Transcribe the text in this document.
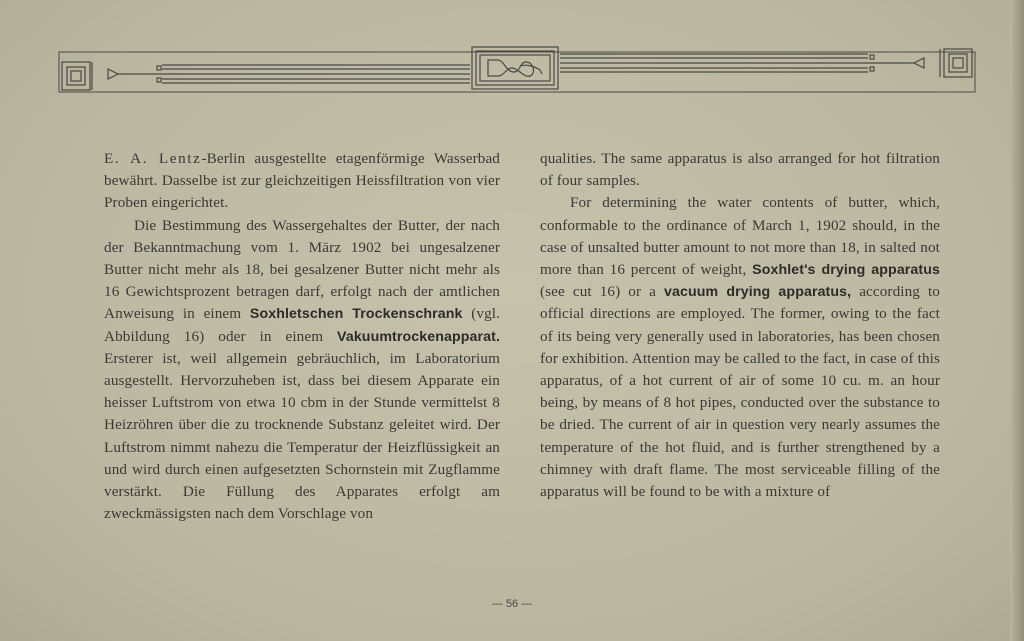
E. A. Lentz-Berlin ausgestellte etagenförmige Wasserbad bewährt. Dasselbe ist zur gleichzeitigen Heissfiltration von vier Proben eingerichtet.

Die Bestimmung des Wassergehaltes der Butter, der nach der Bekanntmachung vom 1. März 1902 bei ungesalzener Butter nicht mehr als 18, bei gesalzener Butter nicht mehr als 16 Gewichtsprozent betragen darf, erfolgt nach der amtlichen Anweisung in einem Soxhletschen Trockenschrank (vgl. Abbildung 16) oder in einem Vakuumtrockenapparat. Ersterer ist, weil allgemein gebräuchlich, im Laboratorium ausgestellt. Hervorzuheben ist, dass bei diesem Apparate ein heisser Luftstrom von etwa 10 cbm in der Stunde vermittelst 8 Heizröhren über die zu trocknende Substanz geleitet wird. Der Luftstrom nimmt nahezu die Temperatur der Heizflüssigkeit an und wird durch einen aufgesetzten Schornstein mit Zugflamme verstärkt. Die Füllung des Apparates erfolgt am zweckmässigsten nach dem Vorschlage von

qualities. The same apparatus is also arranged for hot filtration of four samples.

For determining the water contents of butter, which, conformable to the ordinance of March 1, 1902 should, in the case of unsalted butter amount to not more than 18, in salted not more than 16 percent of weight, Soxhlet's drying apparatus (see cut 16) or a vacuum drying apparatus, according to official directions are employed. The former, owing to the fact of its being very generally used in laboratories, has been chosen for exhibition. Attention may be called to the fact, in case of this apparatus, of a hot current of air of some 10 cu. m. an hour being, by means of 8 hot pipes, conducted over the substance to be dried. The current of air in question very nearly assumes the temperature of the hot fluid, and is further strengthened by a chimney with draft flame. The most serviceable filling of the apparatus will be found to be with a mixture of

— 56 —
